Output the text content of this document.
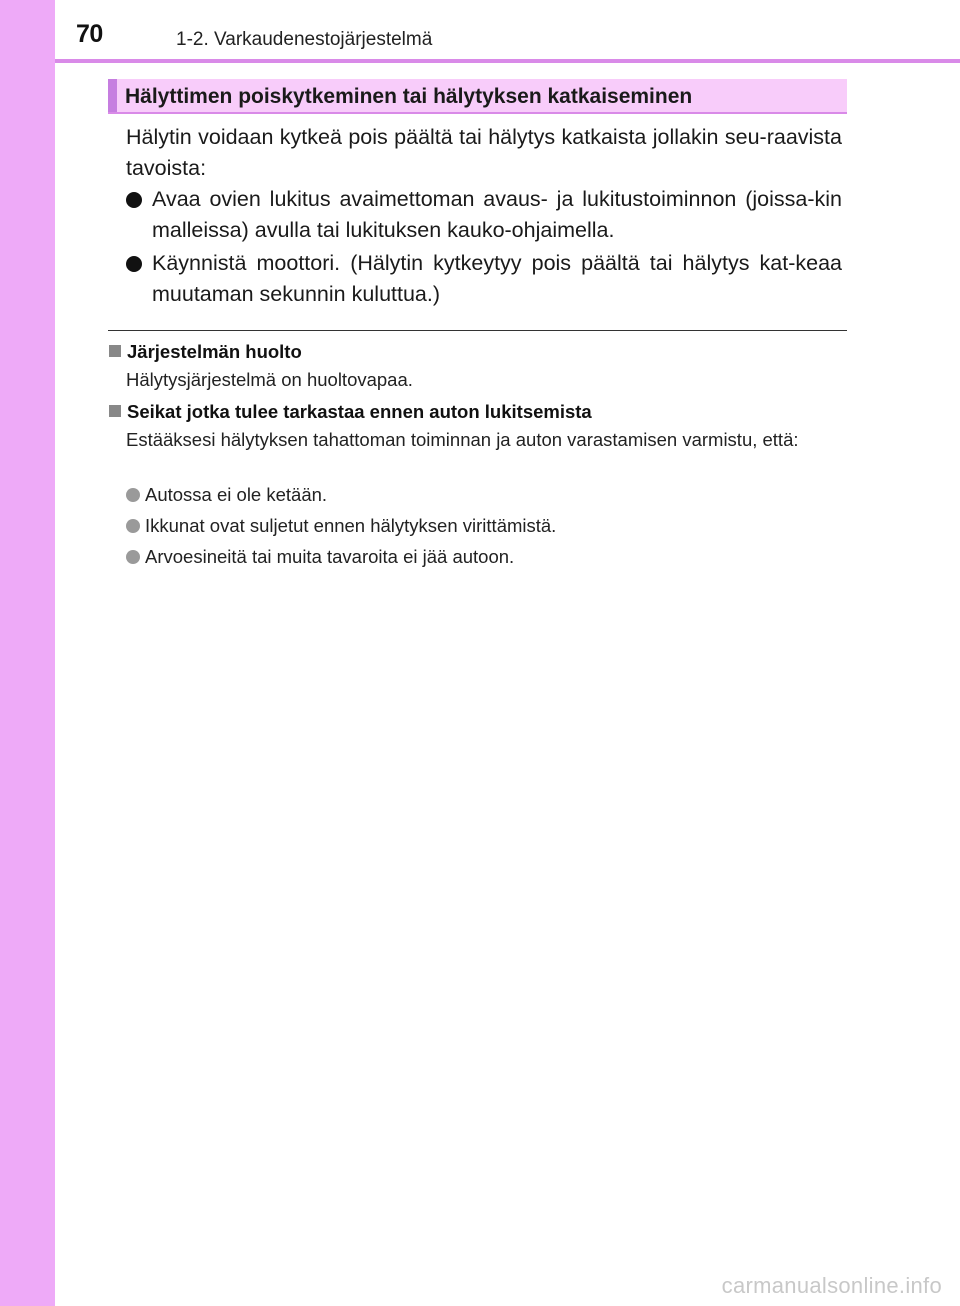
70	1-2. Varkaudenestojärjestelmä
Hälyttimen poiskytkeminen tai hälytyksen katkaiseminen

Hälytin voidaan kytkeä pois päältä tai hälytys katkaista jollakin seu-raavista tavoista:

Avaa ovien lukitus avaimettoman avaus- ja lukitustoiminnon (joissa-kin malleissa) avulla tai lukituksen kauko-ohjaimella.
Käynnistä moottori. (Hälytin kytkeytyy pois päältä tai hälytys kat-keaa muutaman sekunnin kuluttua.)
Järjestelmän huolto

Hälytysjärjestelmä on huoltovapaa.

Seikat jotka tulee tarkastaa ennen auton lukitsemista

Estääksesi hälytyksen tahattoman toiminnan ja auton varastamisen varmistu, että:

Autossa ei ole ketään.
Ikkunat ovat suljetut ennen hälytyksen virittämistä.
Arvoesineitä tai muita tavaroita ei jää autoon.
carmanualsonline.info
